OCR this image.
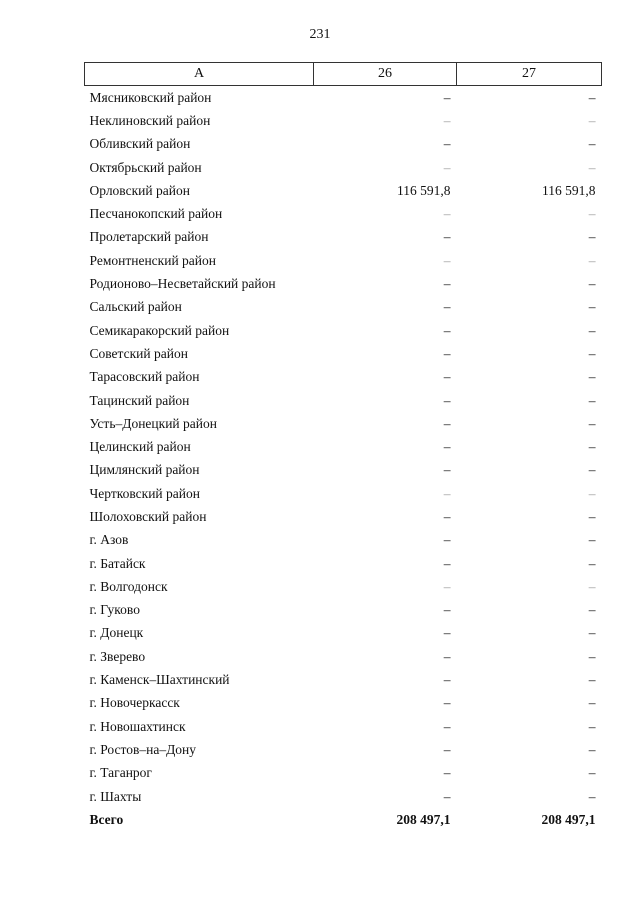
231
А	26	27
Мясниковский район	–	–
Неклиновский район	–	–
Обливский район	–	–
Октябрьский район	–	–
Орловский район	116 591,8	116 591,8
Песчанокопский район	–	–
Пролетарский район	–	–
Ремонтненский район	–	–
Родионово–Несветайский район	–	–
Сальский район	–	–
Семикаракорский район	–	–
Советский район	–	–
Тарасовский район	–	–
Тацинский район	–	–
Усть–Донецкий район	–	–
Целинский район	–	–
Цимлянский район	–	–
Чертковский район	–	–
Шолоховский район	–	–
г. Азов	–	–
г. Батайск	–	–
г. Волгодонск	–	–
г. Гуково	–	–
г. Донецк	–	–
г. Зверево	–	–
г. Каменск–Шахтинский	–	–
г. Новочеркасск	–	–
г. Новошахтинск	–	–
г. Ростов–на–Дону	–	–
г. Таганрог	–	–
г. Шахты	–	–
Всего	208 497,1	208 497,1
